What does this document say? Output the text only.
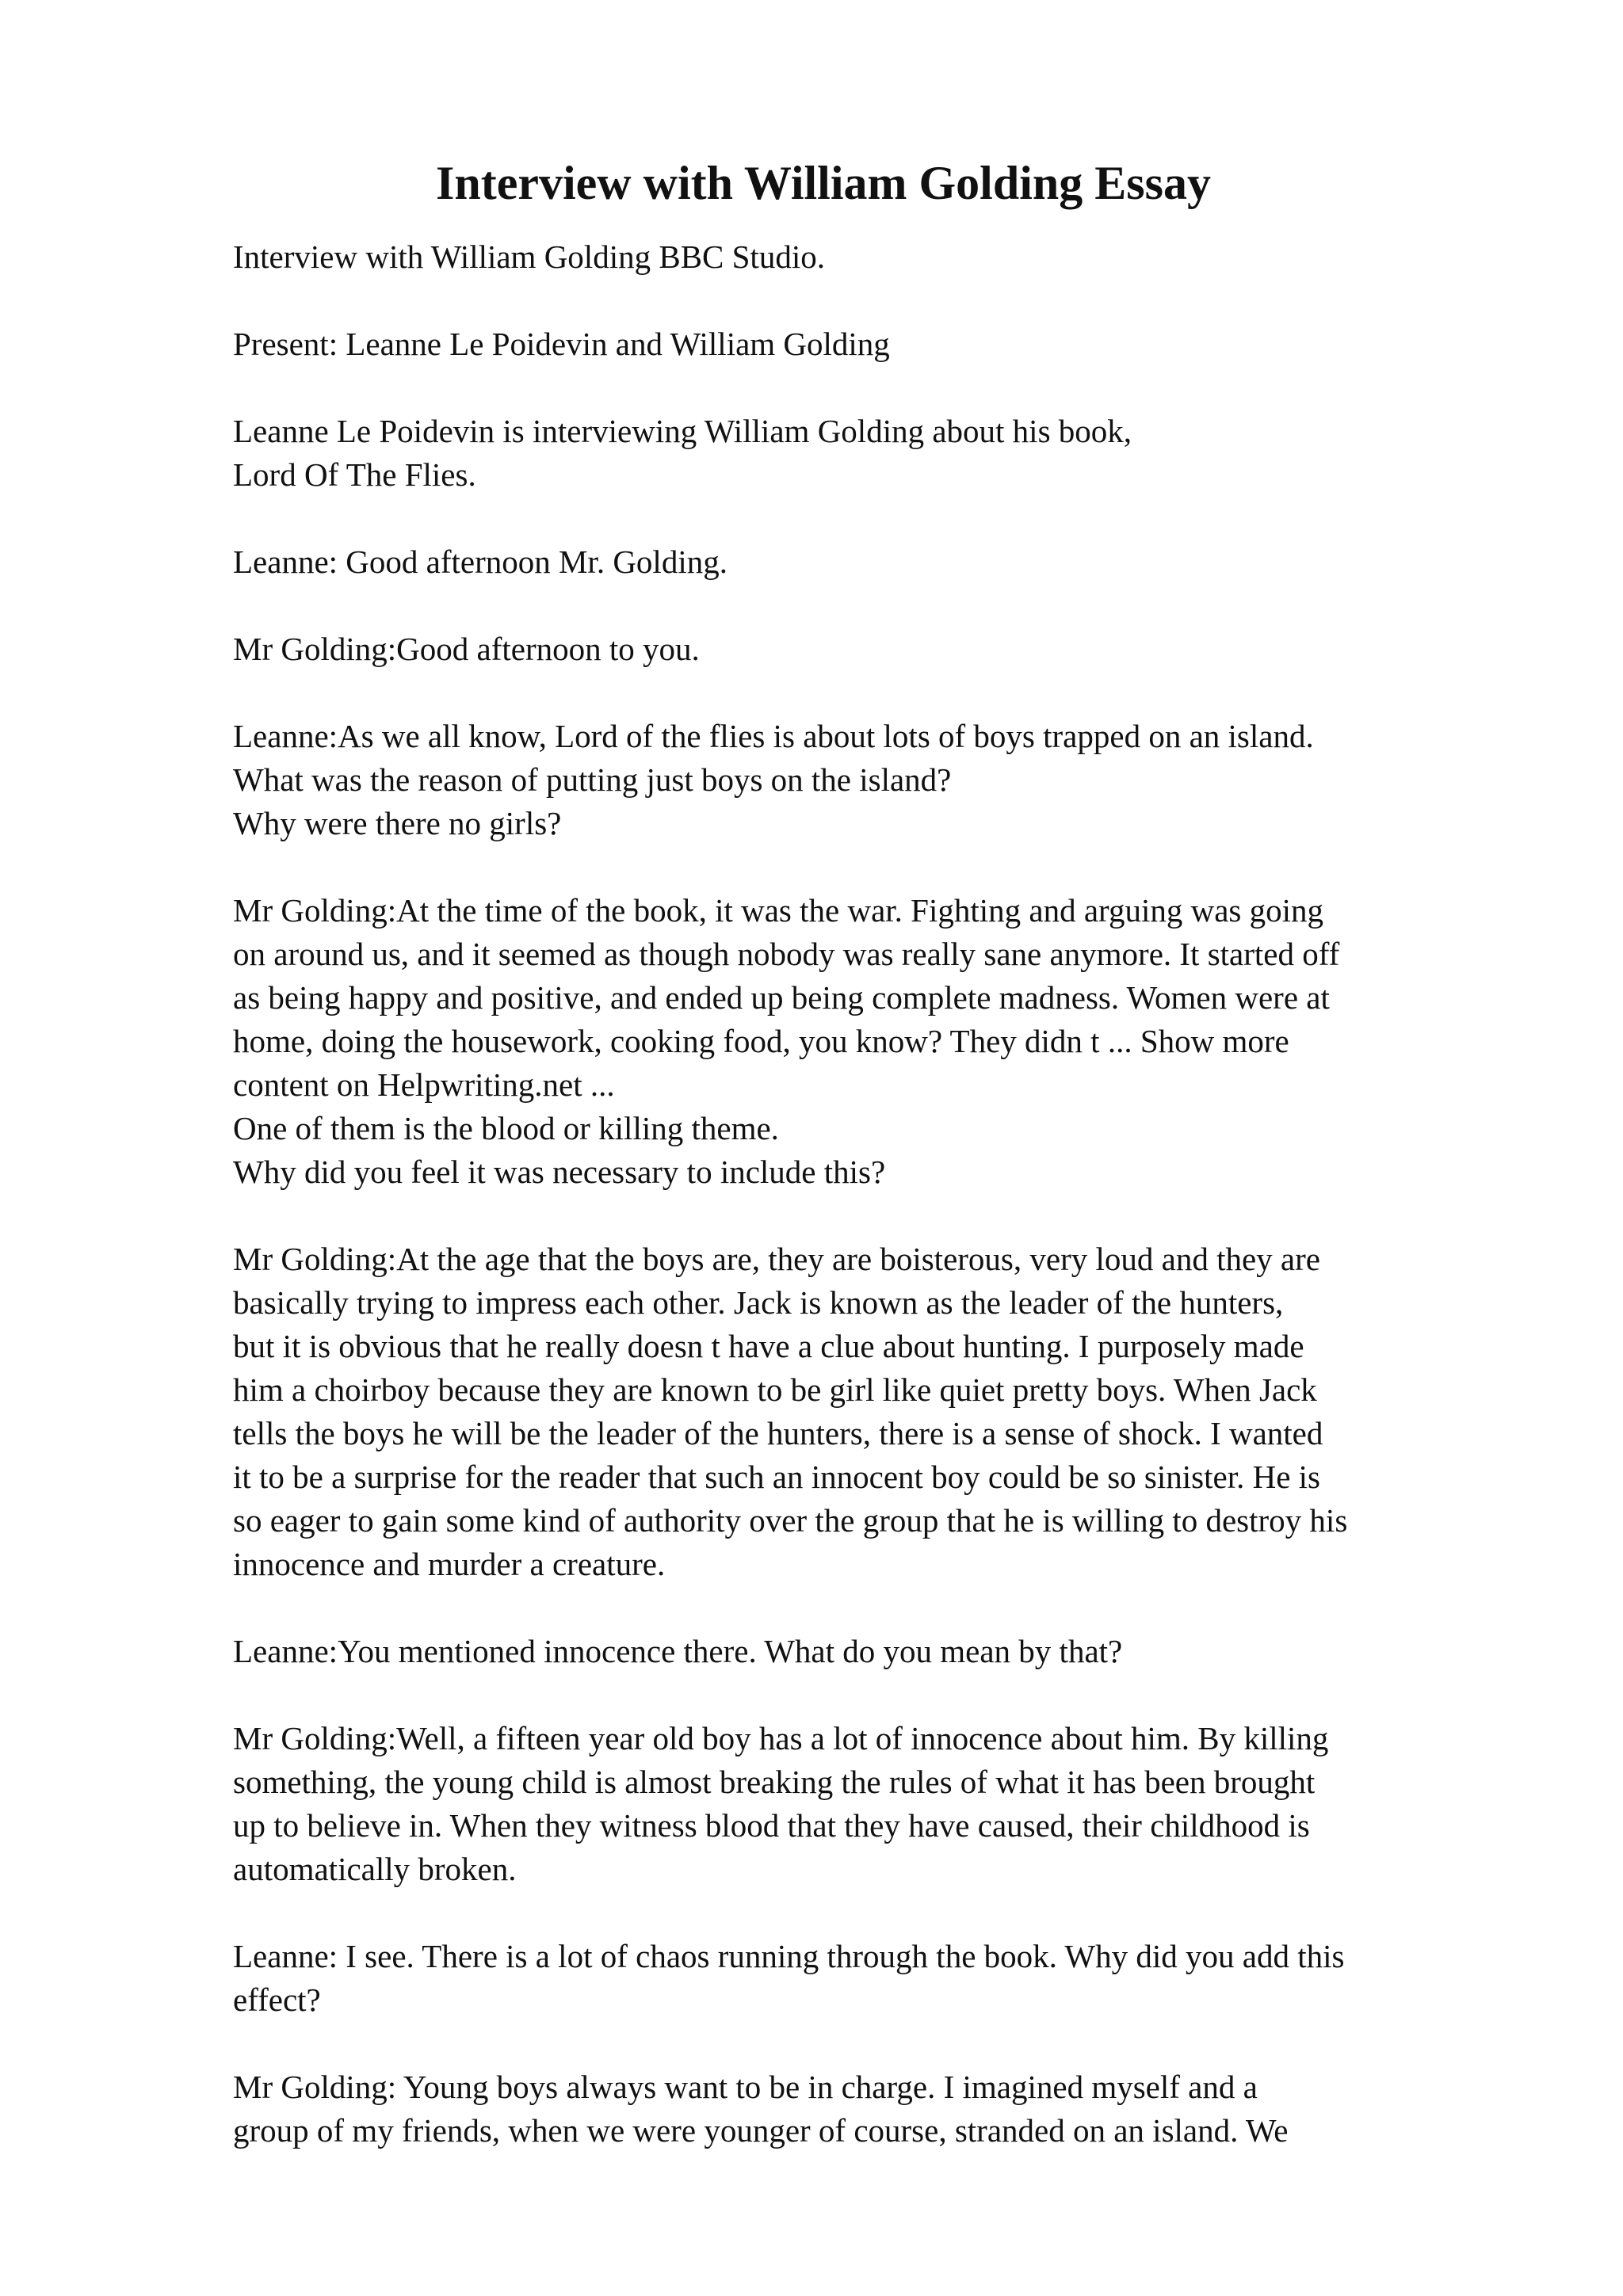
Interview with William Golding Essay

Interview with William Golding BBC Studio.

Present: Leanne Le Poidevin and William Golding

Leanne Le Poidevin is interviewing William Golding about his book,
Lord Of The Flies.

Leanne: Good afternoon Mr. Golding.

Mr Golding:Good afternoon to you.

Leanne:As we all know, Lord of the flies is about lots of boys trapped on an island.
What was the reason of putting just boys on the island?
Why were there no girls?

Mr Golding:At the time of the book, it was the war. Fighting and arguing was going
on around us, and it seemed as though nobody was really sane anymore. It started off
as being happy and positive, and ended up being complete madness. Women were at
home, doing the housework, cooking food, you know? They didn t ... Show more
content on Helpwriting.net ...
One of them is the blood or killing theme.
Why did you feel it was necessary to include this?

Mr Golding:At the age that the boys are, they are boisterous, very loud and they are
basically trying to impress each other. Jack is known as the leader of the hunters,
but it is obvious that he really doesn t have a clue about hunting. I purposely made
him a choirboy because they are known to be girl like quiet pretty boys. When Jack
tells the boys he will be the leader of the hunters, there is a sense of shock. I wanted
it to be a surprise for the reader that such an innocent boy could be so sinister. He is
so eager to gain some kind of authority over the group that he is willing to destroy his
innocence and murder a creature.

Leanne:You mentioned innocence there. What do you mean by that?

Mr Golding:Well, a fifteen year old boy has a lot of innocence about him. By killing
something, the young child is almost breaking the rules of what it has been brought
up to believe in. When they witness blood that they have caused, their childhood is
automatically broken.

Leanne: I see. There is a lot of chaos running through the book. Why did you add this
effect?

Mr Golding: Young boys always want to be in charge. I imagined myself and a
group of my friends, when we were younger of course, stranded on an island. We
